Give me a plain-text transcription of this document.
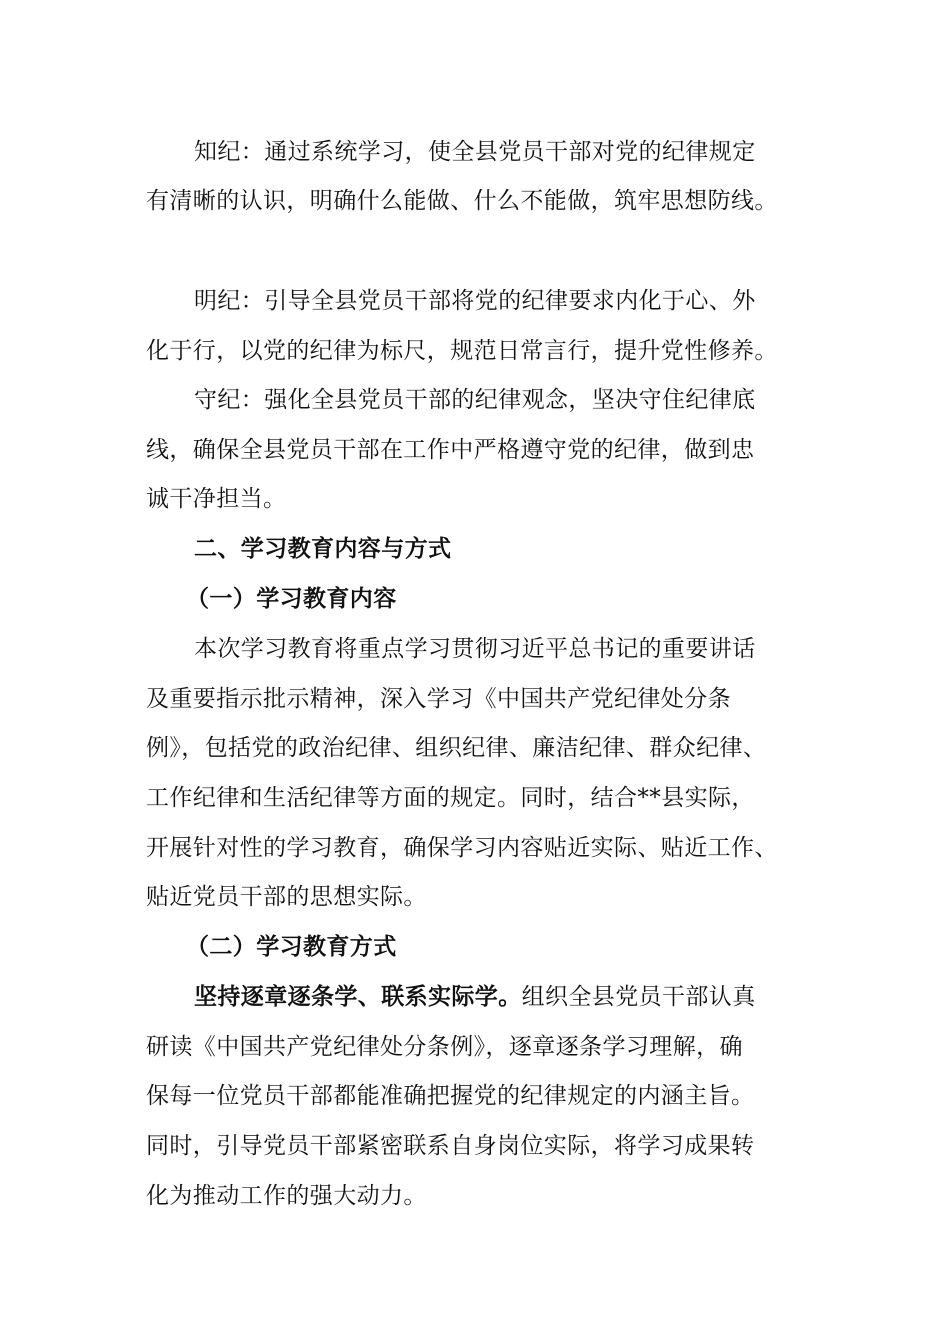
知纪：通过系统学习，使全县党员干部对党的纪律规定
有清晰的认识，明确什么能做、什么不能做，筑牢思想防线。
明纪：引导全县党员干部将党的纪律要求内化于心、外
化于行，以党的纪律为标尺，规范日常言行，提升党性修养。
守纪：强化全县党员干部的纪律观念，坚决守住纪律底
线，确保全县党员干部在工作中严格遵守党的纪律，做到忠
诚干净担当。
二、学习教育内容与方式
（一）学习教育内容
本次学习教育将重点学习贯彻习近平总书记的重要讲话
及重要指示批示精神，深入学习《中国共产党纪律处分条
例》，包括党的政治纪律、组织纪律、廉洁纪律、群众纪律、
工作纪律和生活纪律等方面的规定。同时，结合**县实际，
开展针对性的学习教育，确保学习内容贴近实际、贴近工作、
贴近党员干部的思想实际。
（二）学习教育方式
坚持逐章逐条学、联系实际学。组织全县党员干部认真
研读《中国共产党纪律处分条例》，逐章逐条学习理解，确
保每一位党员干部都能准确把握党的纪律规定的内涵主旨。
同时，引导党员干部紧密联系自身岗位实际，将学习成果转
化为推动工作的强大动力。
